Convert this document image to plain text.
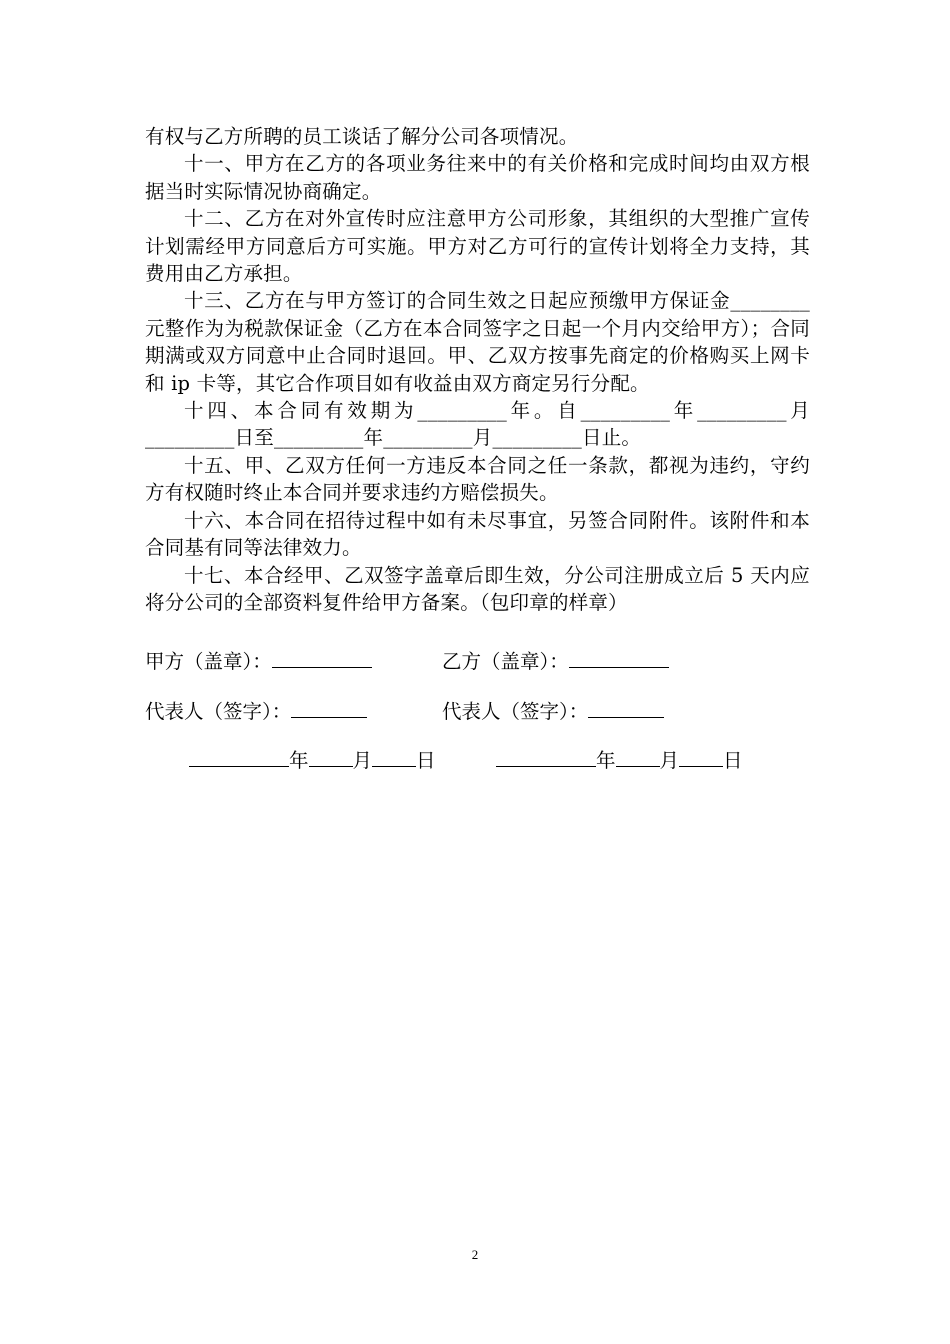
有权与乙方所聘的员工谈话了解分公司各项情况。

十一、甲方在乙方的各项业务往来中的有关价格和完成时间均由双方根据当时实际情况协商确定。

十二、乙方在对外宣传时应注意甲方公司形象，其组织的大型推广宣传计划需经甲方同意后方可实施。甲方对乙方可行的宣传计划将全力支持，其费用由乙方承担。

十三、乙方在与甲方签订的合同生效之日起应预缴甲方保证金________元整作为为税款保证金（乙方在本合同签字之日起一个月内交给甲方）；合同期满或双方同意中止合同时退回。甲、乙双方按事先商定的价格购买上网卡和 ip 卡等，其它合作项目如有收益由双方商定另行分配。

十四、本合同有效期为_________年。自_________年_________月_________日至_________年_________月_________日止。

十五、甲、乙双方任何一方违反本合同之任一条款，都视为违约，守约方有权随时终止本合同并要求违约方赔偿损失。

十六、本合同在招待过程中如有未尽事宜，另签合同附件。该附件和本合同基有同等法律效力。

十七、本合经甲、乙双签字盖章后即生效，分公司注册成立后 5 天内应将分公司的全部资料复件给甲方备案。（包印章的样章）

甲方（盖章）：	乙方（盖章）：
代表人（签字）：	代表人（签字）：
年 月 日	年 月 日
2
